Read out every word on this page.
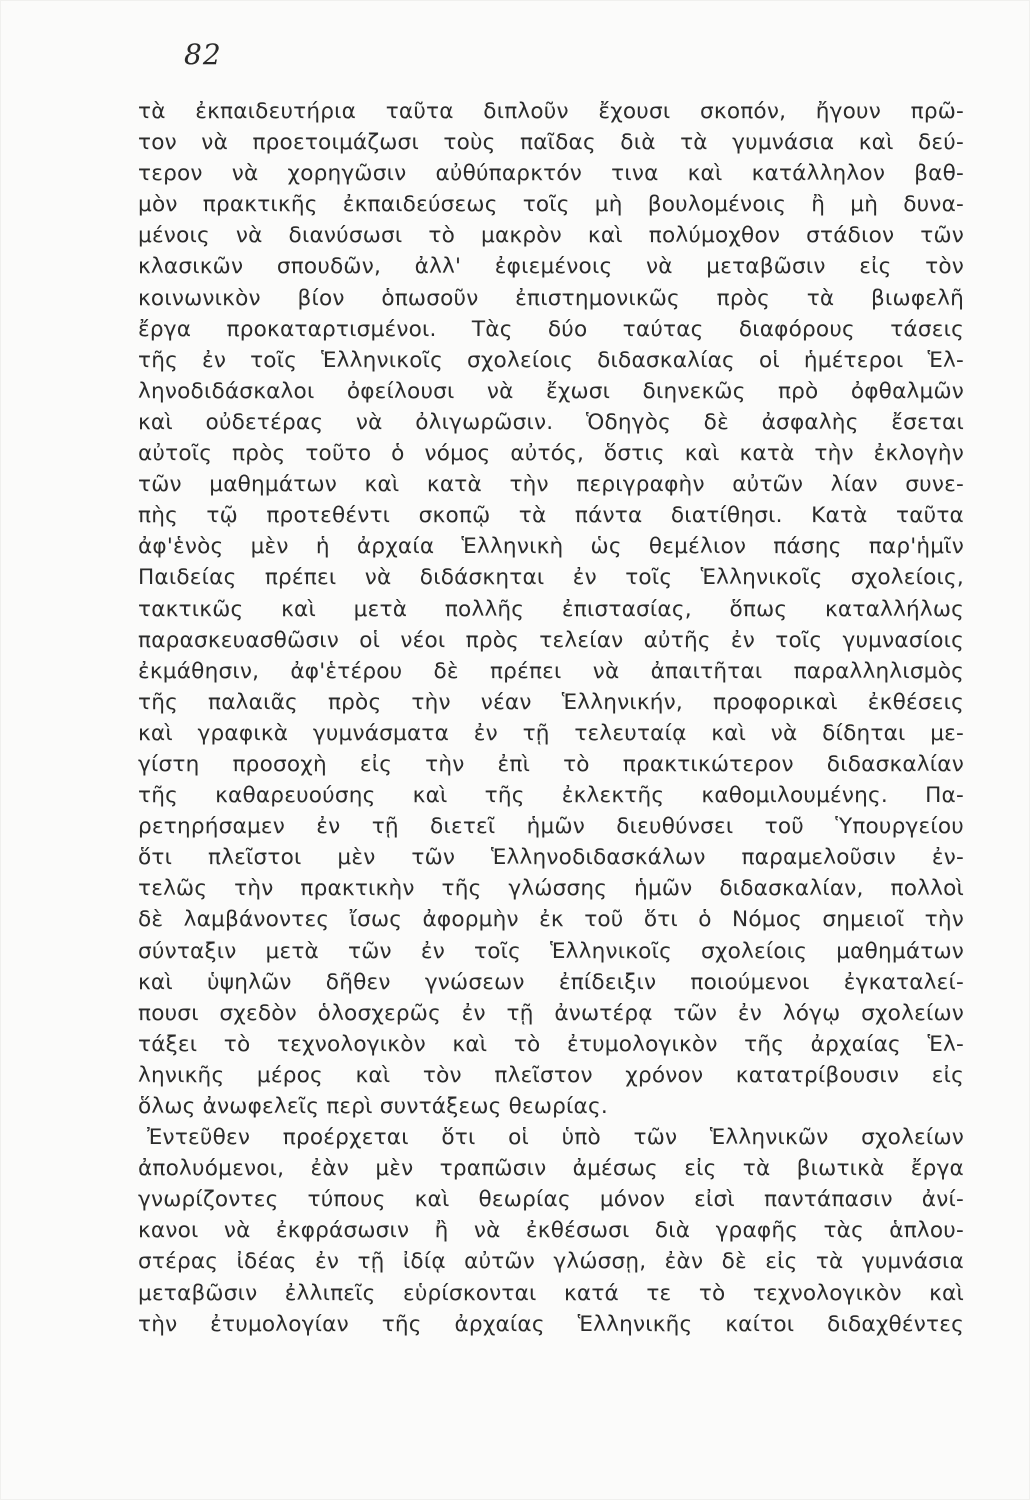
82
τὰ ἐκπαιδευτήρια ταῦτα διπλοῦν ἔχουσι σκοπόν, ἤγουν πρῶ-
τον νὰ προετοιμάζωσι τοὺς παῖδας διὰ τὰ γυμνάσια καὶ δεύ-
τερον νὰ χορηγῶσιν αὐθύπαρκτόν τινα καὶ κατάλληλον βαθ-
μὸν πρακτικῆς ἐκπαιδεύσεως τοῖς μὴ βουλομένοις ἢ μὴ δυνα-
μένοις νὰ διανύσωσι τὸ μακρὸν καὶ πολύμοχθον στάδιον τῶν
κλασικῶν σπουδῶν, ἀλλ' ἐφιεμένοις νὰ μεταβῶσιν εἰς τὸν
κοινωνικὸν βίον ὁπωσοῦν ἐπιστημονικῶς πρὸς τὰ βιωφελῆ
ἔργα προκαταρτισμένοι. Τὰς δύο ταύτας διαφόρους τάσεις
τῆς ἐν τοῖς Ἑλληνικοῖς σχολείοις διδασκαλίας οἱ ἡμέτεροι Ἑλ-
ληνοδιδάσκαλοι ὀφείλουσι νὰ ἔχωσι διηνεκῶς πρὸ ὀφθαλμῶν
καὶ οὐδετέρας νὰ ὀλιγωρῶσιν. Ὁδηγὸς δὲ ἀσφαλὴς ἔσεται
αὐτοῖς πρὸς τοῦτο ὁ νόμος αὐτός, ὅστις καὶ κατὰ τὴν ἐκλογὴν
τῶν μαθημάτων καὶ κατὰ τὴν περιγραφὴν αὐτῶν λίαν συνε-
πὴς τῷ προτεθέντι σκοπῷ τὰ πάντα διατίθησι. Κατὰ ταῦτα
ἀφ'ἑνὸς μὲν ἡ ἀρχαία Ἑλληνικὴ ὡς θεμέλιον πάσης παρ'ἡμῖν
Παιδείας πρέπει νὰ διδάσκηται ἐν τοῖς Ἑλληνικοῖς σχολείοις,
τακτικῶς καὶ μετὰ πολλῆς ἐπιστασίας, ὅπως καταλλήλως
παρασκευασθῶσιν οἱ νέοι πρὸς τελείαν αὐτῆς ἐν τοῖς γυμνασίοις
ἐκμάθησιν, ἀφ'ἑτέρου δὲ πρέπει νὰ ἀπαιτῆται παραλληλισμὸς
τῆς παλαιᾶς πρὸς τὴν νέαν Ἑλληνικήν, προφορικαὶ ἐκθέσεις
καὶ γραφικὰ γυμνάσματα ἐν τῇ τελευταίᾳ καὶ νὰ δίδηται με-
γίστη προσοχὴ εἰς τὴν ἐπὶ τὸ πρακτικώτερον διδασκαλίαν
τῆς καθαρευούσης καὶ τῆς ἐκλεκτῆς καθομιλουμένης. Πα-
ρετηρήσαμεν ἐν τῇ διετεῖ ἡμῶν διευθύνσει τοῦ Ὑπουργείου
ὅτι πλεῖστοι μὲν τῶν Ἑλληνοδιδασκάλων παραμελοῦσιν ἐν-
τελῶς τὴν πρακτικὴν τῆς γλώσσης ἡμῶν διδασκαλίαν, πολλοὶ
δὲ λαμβάνοντες ἴσως ἀφορμὴν ἐκ τοῦ ὅτι ὁ Νόμος σημειοῖ τὴν
σύνταξιν μετὰ τῶν ἐν τοῖς Ἑλληνικοῖς σχολείοις μαθημάτων
καὶ ὑψηλῶν δῆθεν γνώσεων ἐπίδειξιν ποιούμενοι ἐγκαταλεί-
πουσι σχεδὸν ὁλοσχερῶς ἐν τῇ ἀνωτέρᾳ τῶν ἐν λόγῳ σχολείων
τάξει τὸ τεχνολογικὸν καὶ τὸ ἐτυμολογικὸν τῆς ἀρχαίας Ἑλ-
ληνικῆς μέρος καὶ τὸν πλεῖστον χρόνον κατατρίβουσιν εἰς
ὅλως ἀνωφελεῖς περὶ συντάξεως θεωρίας.
Ἐντεῦθεν προέρχεται ὅτι οἱ ὑπὸ τῶν Ἑλληνικῶν σχολείων
ἀπολυόμενοι, ἐὰν μὲν τραπῶσιν ἀμέσως εἰς τὰ βιωτικὰ ἔργα
γνωρίζοντες τύπους καὶ θεωρίας μόνον εἰσὶ παντάπασιν ἀνί-
κανοι νὰ ἐκφράσωσιν ἢ νὰ ἐκθέσωσι διὰ γραφῆς τὰς ἁπλου-
στέρας ἰδέας ἐν τῇ ἰδίᾳ αὐτῶν γλώσσῃ, ἐὰν δὲ εἰς τὰ γυμνάσια
μεταβῶσιν ἐλλιπεῖς εὑρίσκονται κατά τε τὸ τεχνολογικὸν καὶ
τὴν ἐτυμολογίαν τῆς ἀρχαίας Ἑλληνικῆς καίτοι διδαχθέντες
